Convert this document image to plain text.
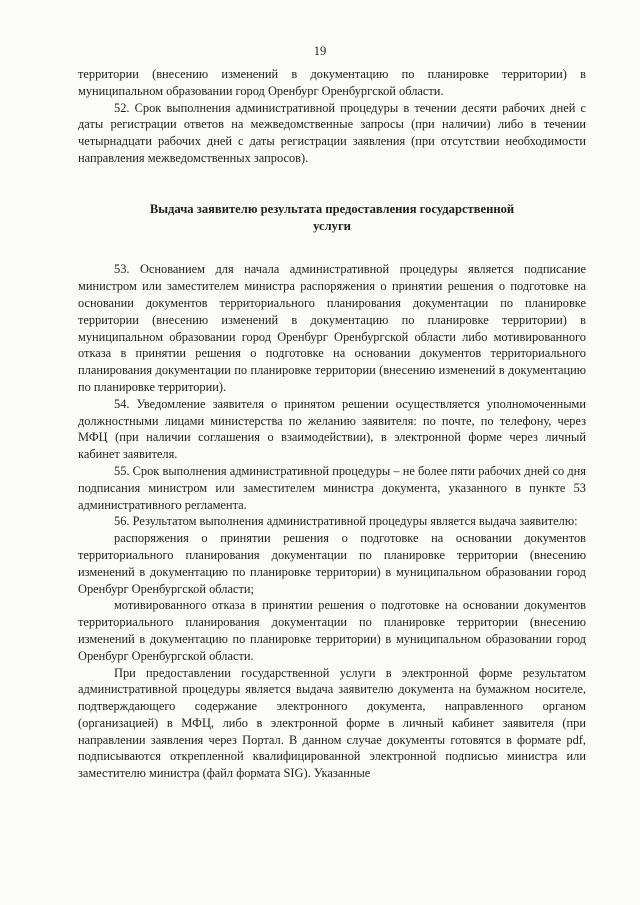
19

территории (внесению изменений в документацию по планировке территории) в муниципальном образовании город Оренбург Оренбургской области.

52. Срок выполнения административной процедуры в течении десяти рабочих дней с даты регистрации ответов на межведомственные запросы (при наличии) либо в течении четырнадцати рабочих дней с даты регистрации заявления (при отсутствии необходимости направления межведомственных запросов).

Выдача заявителю результата предоставления государственной услуги

53. Основанием для начала административной процедуры является подписание министром или заместителем министра распоряжения о принятии решения о подготовке на основании документов территориального планирования документации по планировке территории (внесению изменений в документацию по планировке территории) в муниципальном образовании город Оренбург Оренбургской области либо мотивированного отказа в принятии решения о подготовке на основании документов территориального планирования документации по планировке территории (внесению изменений в документацию по планировке территории).

54. Уведомление заявителя о принятом решении осуществляется уполномоченными должностными лицами министерства по желанию заявителя: по почте, по телефону, через МФЦ (при наличии соглашения о взаимодействии), в электронной форме через личный кабинет заявителя.

55. Срок выполнения административной процедуры – не более пяти рабочих дней со дня подписания министром или заместителем министра документа, указанного в пункте 53 административного регламента.

56. Результатом выполнения административной процедуры является выдача заявителю:

распоряжения о принятии решения о подготовке на основании документов территориального планирования документации по планировке территории (внесению изменений в документацию по планировке территории) в муниципальном образовании город Оренбург Оренбургской области;

мотивированного отказа в принятии решения о подготовке на основании документов территориального планирования документации по планировке территории (внесению изменений в документацию по планировке территории) в муниципальном образовании город Оренбург Оренбургской области.

При предоставлении государственной услуги в электронной форме результатом административной процедуры является выдача заявителю документа на бумажном носителе, подтверждающего содержание электронного документа, направленного органом (организацией) в МФЦ, либо в электронной форме в личный кабинет заявителя (при направлении заявления через Портал. В данном случае документы готовятся в формате pdf, подписываются открепленной квалифицированной электронной подписью министра или заместителю министра (файл формата SIG). Указанные
